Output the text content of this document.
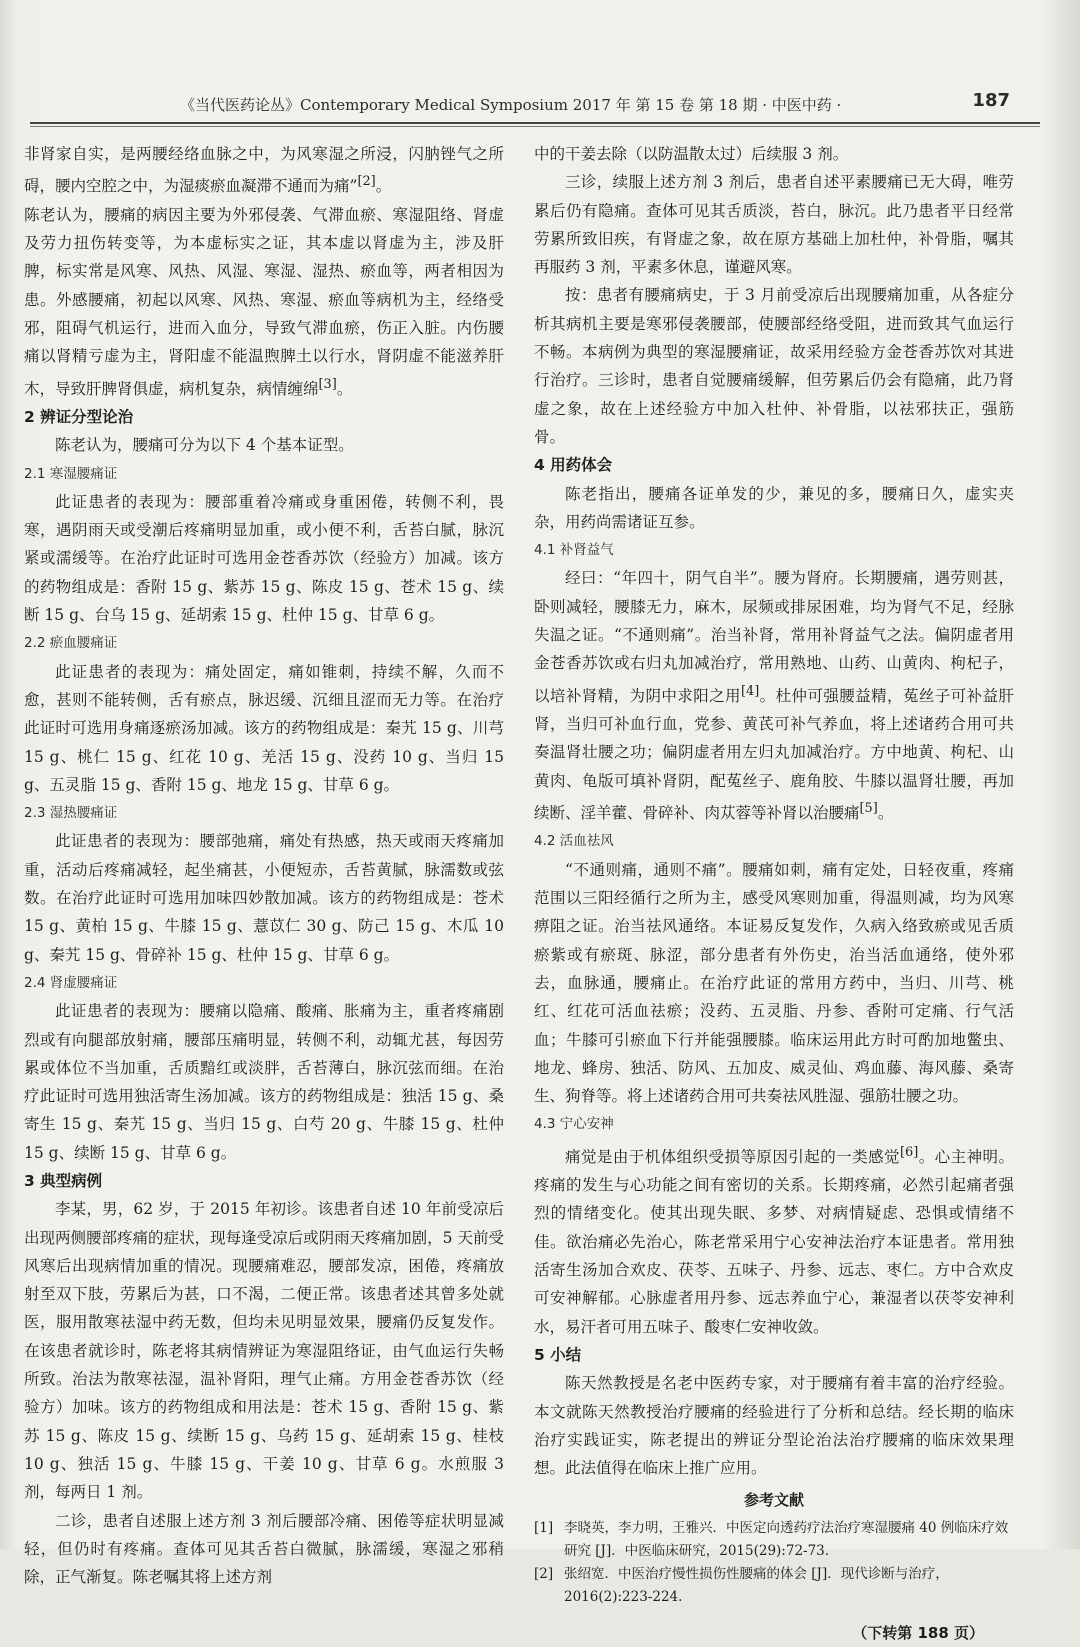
《当代医药论丛》Contemporary Medical Symposium 2017 年 第 15 卷 第 18 期 · 中医中药 ·	187

非肾家自实，是两腰经络血脉之中，为风寒湿之所浸，闪肭锉气之所碍，腰内空腔之中，为湿痰瘀血凝滞不通而为痛”[2]。

陈老认为，腰痛的病因主要为外邪侵袭、气滞血瘀、寒湿阻络、肾虚及劳力扭伤转变等，为本虚标实之证，其本虚以肾虚为主，涉及肝脾，标实常是风寒、风热、风湿、寒湿、湿热、瘀血等，两者相因为患。外感腰痛，初起以风寒、风热、寒湿、瘀血等病机为主，经络受邪，阻碍气机运行，进而入血分，导致气滞血瘀，伤正入脏。内伤腰痛以肾精亏虚为主，肾阳虚不能温煦脾土以行水，肾阴虚不能滋养肝木，导致肝脾肾俱虚，病机复杂，病情缠绵[3]。

2 辨证分型论治

陈老认为，腰痛可分为以下 4 个基本证型。

2.1 寒湿腰痛证

此证患者的表现为：腰部重着冷痛或身重困倦，转侧不利，畏寒，遇阴雨天或受潮后疼痛明显加重，或小便不利，舌苔白腻，脉沉紧或濡缓等。在治疗此证时可选用金苍香苏饮（经验方）加减。该方的药物组成是：香附 15 g、紫苏 15 g、陈皮 15 g、苍术 15 g、续断 15 g、台乌 15 g、延胡索 15 g、杜仲 15 g、甘草 6 g。

2.2 瘀血腰痛证

此证患者的表现为：痛处固定，痛如锥刺，持续不解，久而不愈，甚则不能转侧，舌有瘀点，脉迟缓、沉细且涩而无力等。在治疗此证时可选用身痛逐瘀汤加减。该方的药物组成是：秦艽 15 g、川芎 15 g、桃仁 15 g、红花 10 g、羌活 15 g、没药 10 g、当归 15 g、五灵脂 15 g、香附 15 g、地龙 15 g、甘草 6 g。

2.3 湿热腰痛证

此证患者的表现为：腰部弛痛，痛处有热感，热天或雨天疼痛加重，活动后疼痛减轻，起坐痛甚，小便短赤，舌苔黄腻，脉濡数或弦数。在治疗此证时可选用加味四妙散加减。该方的药物组成是：苍术 15 g、黄柏 15 g、牛膝 15 g、薏苡仁 30 g、防己 15 g、木瓜 10 g、秦艽 15 g、骨碎补 15 g、杜仲 15 g、甘草 6 g。

2.4 肾虚腰痛证

此证患者的表现为：腰痛以隐痛、酸痛、胀痛为主，重者疼痛剧烈或有向腿部放射痛，腰部压痛明显，转侧不利，动辄尤甚，每因劳累或体位不当加重，舌质黯红或淡胖，舌苔薄白，脉沉弦而细。在治疗此证时可选用独活寄生汤加减。该方的药物组成是：独活 15 g、桑寄生 15 g、秦艽 15 g、当归 15 g、白芍 20 g、牛膝 15 g、杜仲 15 g、续断 15 g、甘草 6 g。

3 典型病例

李某，男，62 岁，于 2015 年初诊。该患者自述 10 年前受凉后出现两侧腰部疼痛的症状，现每逢受凉后或阴雨天疼痛加剧，5 天前受风寒后出现病情加重的情况。现腰痛难忍，腰部发凉，困倦，疼痛放射至双下肢，劳累后为甚，口不渴，二便正常。该患者述其曾多处就医，服用散寒祛湿中药无数，但均未见明显效果，腰痛仍反复发作。在该患者就诊时，陈老将其病情辨证为寒湿阻络证，由气血运行失畅所致。治法为散寒祛湿，温补肾阳，理气止痛。方用金苍香苏饮（经验方）加味。该方的药物组成和用法是：苍术 15 g、香附 15 g、紫苏 15 g、陈皮 15 g、续断 15 g、乌药 15 g、延胡索 15 g、桂枝 10 g、独活 15 g、牛膝 15 g、干姜 10 g、甘草 6 g。水煎服 3 剂，每两日 1 剂。

二诊，患者自述服上述方剂 3 剂后腰部冷痛、困倦等症状明显减轻，但仍时有疼痛。查体可见其舌苔白微腻，脉濡缓，寒湿之邪稍除，正气渐复。陈老嘱其将上述方剂

中的干姜去除（以防温散太过）后续服 3 剂。

三诊，续服上述方剂 3 剂后，患者自述平素腰痛已无大碍，唯劳累后仍有隐痛。查体可见其舌质淡，苔白，脉沉。此乃患者平日经常劳累所致旧疾，有肾虚之象，故在原方基础上加杜仲，补骨脂，嘱其再服药 3 剂，平素多休息，谨避风寒。

按：患者有腰痛病史，于 3 月前受凉后出现腰痛加重，从各症分析其病机主要是寒邪侵袭腰部，使腰部经络受阻，进而致其气血运行不畅。本病例为典型的寒湿腰痛证，故采用经验方金苍香苏饮对其进行治疗。三诊时，患者自觉腰痛缓解，但劳累后仍会有隐痛，此乃肾虚之象，故在上述经验方中加入杜仲、补骨脂，以祛邪扶正，强筋骨。

4 用药体会

陈老指出，腰痛各证单发的少，兼见的多，腰痛日久，虚实夹杂，用药尚需诸证互参。

4.1 补肾益气

经曰：“年四十，阴气自半”。腰为肾府。长期腰痛，遇劳则甚，卧则减轻，腰膝无力，麻木，尿频或排尿困难，均为肾气不足，经脉失温之证。“不通则痛”。治当补肾，常用补肾益气之法。偏阴虚者用金苍香苏饮或右归丸加减治疗，常用熟地、山药、山黄肉、枸杞子，以培补肾精，为阴中求阳之用[4]。杜仲可强腰益精，菟丝子可补益肝肾，当归可补血行血，党参、黄芪可补气养血，将上述诸药合用可共奏温肾壮腰之功；偏阴虚者用左归丸加减治疗。方中地黄、枸杞、山黄肉、龟版可填补肾阴，配菟丝子、鹿角胶、牛膝以温肾壮腰，再加续断、淫羊藿、骨碎补、肉苁蓉等补肾以治腰痛[5]。

4.2 活血祛风

“不通则痛，通则不痛”。腰痛如刺，痛有定处，日轻夜重，疼痛范围以三阳经循行之所为主，感受风寒则加重，得温则减，均为风寒痹阻之证。治当祛风通络。本证易反复发作，久病入络致瘀或见舌质瘀紫或有瘀斑、脉涩，部分患者有外伤史，治当活血通络，使外邪去，血脉通，腰痛止。在治疗此证的常用方药中，当归、川芎、桃红、红花可活血祛瘀；没药、五灵脂、丹参、香附可定痛、行气活血；牛膝可引瘀血下行并能强腰膝。临床运用此方时可酌加地鳖虫、地龙、蜂房、独活、防风、五加皮、威灵仙、鸡血藤、海风藤、桑寄生、狗脊等。将上述诸药合用可共奏祛风胜湿、强筋壮腰之功。

4.3 宁心安神

痛觉是由于机体组织受损等原因引起的一类感觉[6]。心主神明。疼痛的发生与心功能之间有密切的关系。长期疼痛，必然引起痛者强烈的情绪变化。使其出现失眠、多梦、对病情疑虑、恐惧或情绪不佳。欲治痛必先治心，陈老常采用宁心安神法治疗本证患者。常用独活寄生汤加合欢皮、茯苓、五味子、丹参、远志、枣仁。方中合欢皮可安神解郁。心脉虚者用丹参、远志养血宁心，兼湿者以茯苓安神利水，易汗者可用五味子、酸枣仁安神收敛。

5 小结

陈天然教授是名老中医药专家，对于腰痛有着丰富的治疗经验。本文就陈天然教授治疗腰痛的经验进行了分析和总结。经长期的临床治疗实践证实，陈老提出的辨证分型论治法治疗腰痛的临床效果理想。此法值得在临床上推广应用。

参考文献
[1] 李晓英，李力明，王雅兴．中医定向透药疗法治疗寒湿腰痛 40 例临床疗效研究 [J]．中医临床研究，2015(29):72-73.
[2] 张绍宽．中医治疗慢性损伤性腰痛的体会 [J]．现代诊断与治疗，2016(2):223-224.
（下转第 188 页）
